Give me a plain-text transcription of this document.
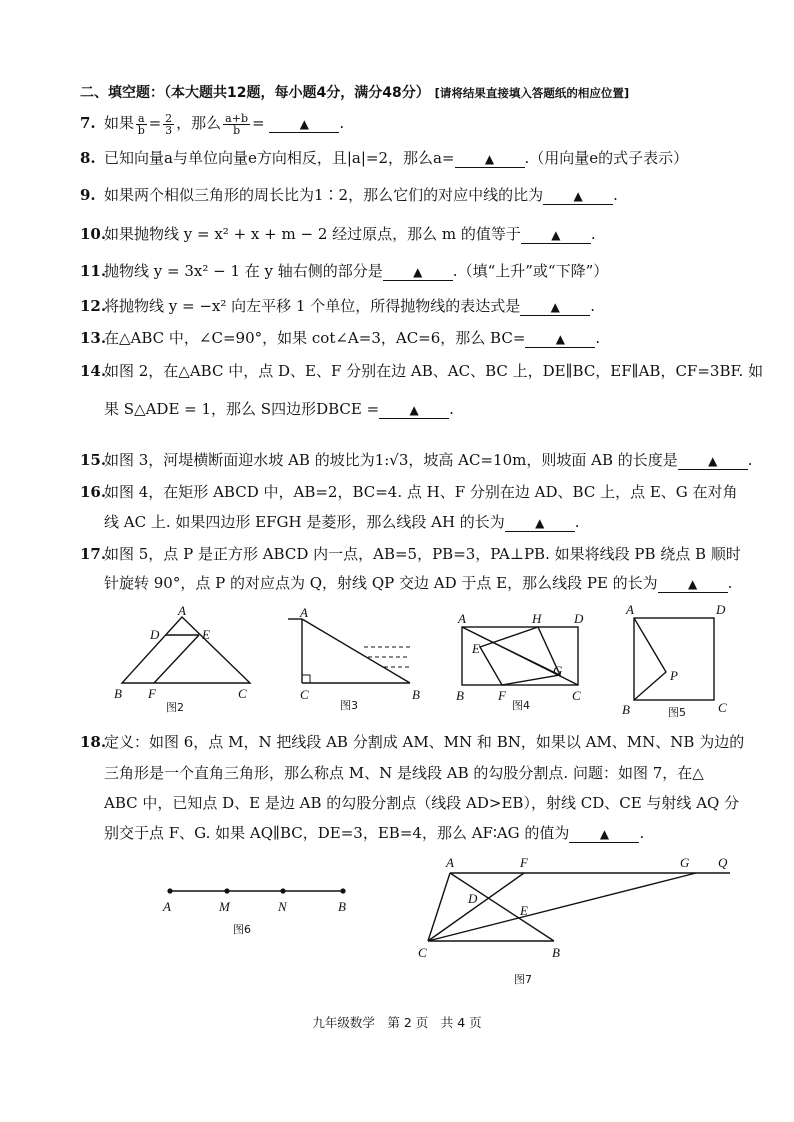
二、填空题：（本大题共12题，每小题4分，满分48分） [请将结果直接填入答题纸的相应位置]
7. 如果 $\frac{a}{b} = \frac{2}{3}$ ，那么 $\frac{a+b}{b}$ =	▲ .
8. 已知向量a与单位向量e方向相反，且|a|=2，那么a=	▲ .（用向量e的式子表示）
9. 如果两个相似三角形的周长比为1∶2，那么它们的对应中线的比为	▲ .
10.如果抛物线 y = x² + x + m − 2 经过原点，那么 m 的值等于	▲ .
11.抛物线 y = 3x² − 1 在 y 轴右侧的部分是	▲ .（填“上升”或“下降”）
12.将抛物线 y = −x² 向左平移 1 个单位，所得抛物线的表达式是	▲ .
13.在△ABC 中，∠C=90°，如果 cot∠A=3，AC=6，那么 BC=	▲ .
14.如图 2，在△ABC 中，点 D、E、F 分别在边 AB、AC、BC 上，DE∥BC，EF∥AB，CF=3BF. 如
果 S△ADE = 1，那么 S四边形DBCE =	▲ .
15.如图 3，河堤横断面迎水坡 AB 的坡比为1:√3，坡高 AC=10m，则坡面 AB 的长度是	▲ .
16.如图 4，在矩形 ABCD 中，AB=2，BC=4. 点 H、F 分别在边 AD、BC 上，点 E、G 在对角
线 AC 上. 如果四边形 EFGH 是菱形，那么线段 AH 的长为	▲ .
17.如图 5，点 P 是正方形 ABCD 内一点，AB=5，PB=3，PA⊥PB. 如果将线段 PB 绕点 B 顺时
针旋转 90°，点 P 的对应点为 Q，射线 QP 交边 AD 于点 E，那么线段 PE 的长为	▲ .
A
D	E
B F	C
图2
A
C	B
图3
A	H	D
E
G
B	F	C
图4
A	D
P
B	C
图5
18.定义：如图 6，点 M，N 把线段 AB 分割成 AM、MN 和 BN，如果以 AM、MN、NB 为边的
三角形是一个直角三角形，那么称点 M、N 是线段 AB 的勾股分割点. 问题：如图 7，在△
ABC 中，已知点 D、E 是边 AB 的勾股分割点（线段 AD>EB），射线 CD、CE 与射线 AQ 分
别交于点 F、G. 如果 AQ∥BC，DE=3，EB=4，那么 AF∶AG 的值为	▲ .
A	M	N	B
图6
A	F	G Q
D
E
C	B
图7
九年级数学　第 2 页　共 4 页
